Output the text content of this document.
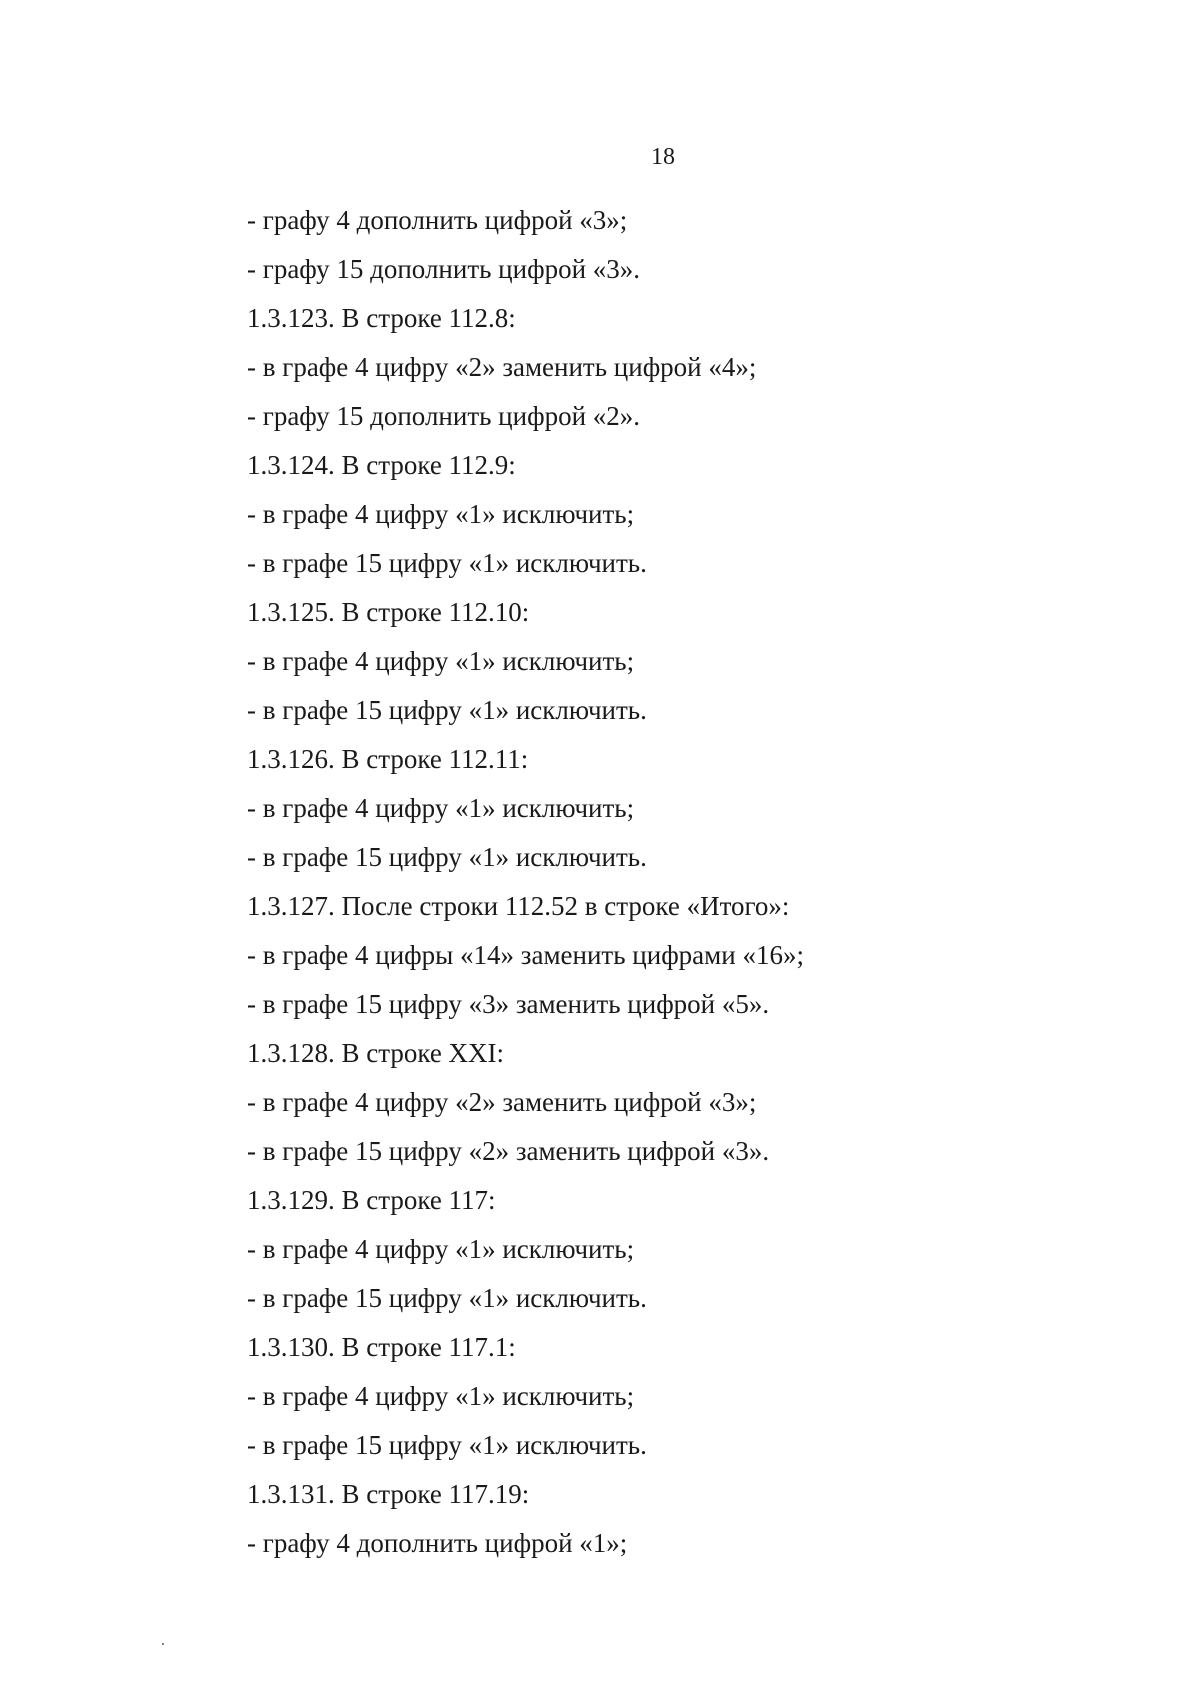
18
- графу 4 дополнить цифрой «3»;
- графу 15 дополнить цифрой «3».
1.3.123. В строке 112.8:
- в графе 4 цифру «2» заменить цифрой «4»;
- графу 15 дополнить цифрой «2».
1.3.124. В строке 112.9:
- в графе 4 цифру «1» исключить;
- в графе 15 цифру «1» исключить.
1.3.125. В строке 112.10:
- в графе 4 цифру «1» исключить;
- в графе 15 цифру «1» исключить.
1.3.126. В строке 112.11:
- в графе 4 цифру «1» исключить;
- в графе 15 цифру «1» исключить.
1.3.127. После строки 112.52 в строке «Итого»:
- в графе 4 цифры «14» заменить цифрами «16»;
- в графе 15 цифру «3» заменить цифрой «5».
1.3.128. В строке XXI:
- в графе 4 цифру «2» заменить цифрой «3»;
- в графе 15 цифру «2» заменить цифрой «3».
1.3.129. В строке 117:
- в графе 4 цифру «1» исключить;
- в графе 15 цифру «1» исключить.
1.3.130. В строке 117.1:
- в графе 4 цифру «1» исключить;
- в графе 15 цифру «1» исключить.
1.3.131. В строке 117.19:
- графу 4 дополнить цифрой «1»;
